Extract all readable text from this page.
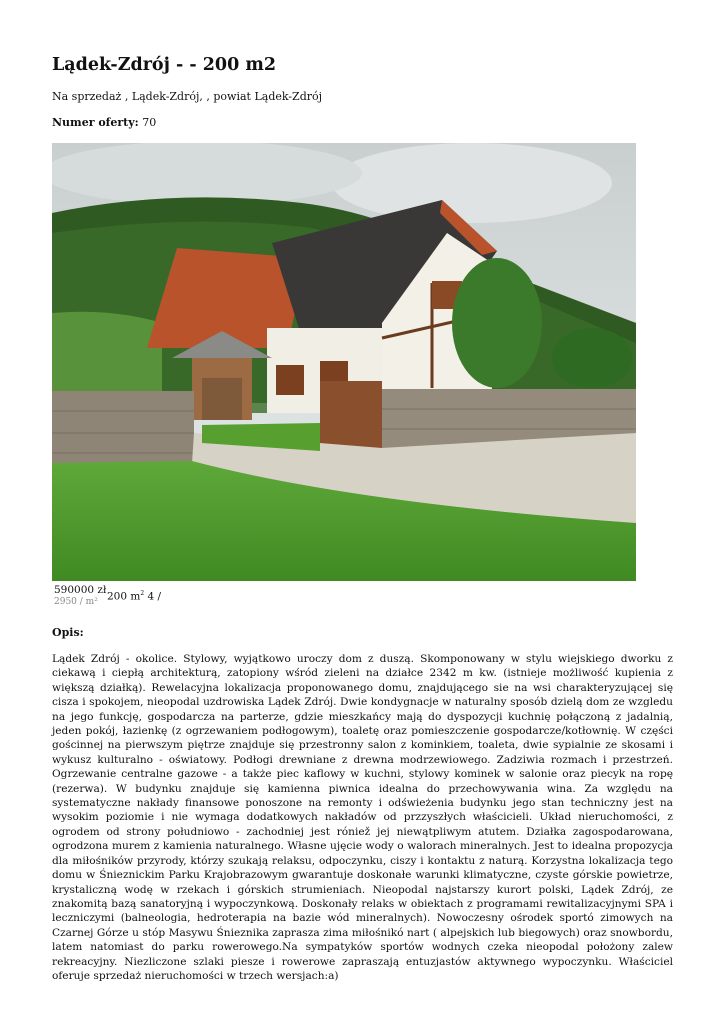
Lądek-Zdrój - - 200 m2
Na sprzedaż , Lądek-Zdrój, , powiat Lądek-Zdrój
Numer oferty: 70
590000 zł
2950 / m² 200 $m^2$ 4 /
Opis:
Lądek Zdrój - okolice. Stylowy, wyjątkowo uroczy dom z duszą. Skomponowany w stylu wiejskiego dworku z ciekawą i ciepłą architekturą, zatopiony wśród zieleni na działce 2342 m kw. (istnieje możliwość kupienia z większą działką). Rewelacyjna lokalizacja proponowanego domu, znajdującego sie na wsi charakteryzującej się cisza i spokojem, nieopodal uzdrowiska Lądek Zdrój. Dwie kondygnacje w naturalny sposób dzielą dom ze wzgledu na jego funkcję, gospodarcza na parterze, gdzie mieszkańcy mają do dyspozycji kuchnię połączoną z jadalnią, jeden pokój, łazienkę (z ogrzewaniem podłogowym), toaletę oraz pomieszczenie gospodarcze/kotłownię. W części gościnnej na pierwszym piętrze znajduje się przestronny salon z kominkiem, toaleta, dwie sypialnie ze skosami i wykusz kulturalno - oświatowy. Podłogi drewniane z drewna modrzewiowego. Zadziwia rozmach i przestrzeń. Ogrzewanie centralne gazowe - a także piec kaflowy w kuchni, stylowy kominek w salonie oraz piecyk na ropę (rezerwa). W budynku znajduje się kamienna piwnica idealna do przechowywania wina. Za względu na systematyczne nakłady finansowe ponoszone na remonty i odświeżenia budynku jego stan techniczny jest na wysokim poziomie i nie wymaga dodatkowych nakładów od przzyszłych właścicieli. Układ nieruchomości, z ogrodem od strony południowo - zachodniej jest róniež jej niewątpliwym atutem. Działka zagospodarowana, ogrodzona murem z kamienia naturalnego. Własne ujęcie wody o walorach mineralnych. Jest to idealna propozycja dla miłośników przyrody, którzy szukają relaksu, odpoczynku, ciszy i kontaktu z naturą. Korzystna lokalizacja tego domu w Śnieznickim Parku Krajobrazowym gwarantuje doskonałe warunki klimatyczne, czyste górskie powietrze, krystaliczną wodę w rzekach i górskich strumieniach. Nieopodal najstarszy kurort polski, Lądek Zdrój, ze znakomitą bazą sanatoryjną i wypoczynkową. Doskonały relaks w obiektach z programami rewitalizacyjnymi SPA i leczniczymi (balneologia, hedroterapia na bazie wód mineralnych). Nowoczesny ośrodek sportó zimowych na Czarnej Górze u stóp Masywu Śnieznika zaprasza zima miłośnikó nart ( alpejskich lub biegowych) oraz snowbordu, latem natomiast do parku rowerowego.Na sympatyków sportów wodnych czeka nieopodal położony zalew rekreacyjny. Niezliczone szlaki piesze i rowerowe zapraszają entuzjastów aktywnego wypoczynku. Właściciel oferuje sprzedaż nieruchomości w trzech wersjach:a)
